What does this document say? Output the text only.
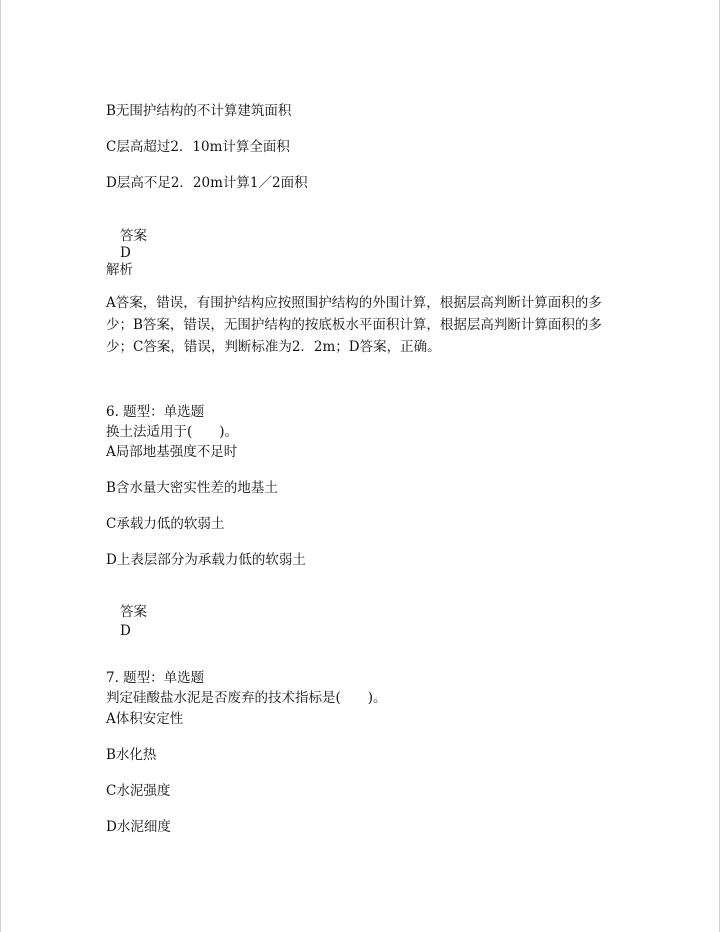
B无围护结构的不计算建筑面积
C层高超过2．10m计算全面积
D层高不足2．20m计算1／2面积
答案
D
解析
A答案，错误，有围护结构应按照围护结构的外围计算，根据层高判断计算面积的多少；B答案，错误，无围护结构的按底板水平面积计算，根据层高判断计算面积的多少；C答案，错误，判断标准为2．2m；D答案，正确。
6. 题型：单选题
换土法适用于(　　)。
A局部地基强度不足时
B含水量大密实性差的地基土
C承载力低的软弱土
D上表层部分为承载力低的软弱土
答案
D
7. 题型：单选题
判定硅酸盐水泥是否废弃的技术指标是(　　)。
A体积安定性
B水化热
C水泥强度
D水泥细度
